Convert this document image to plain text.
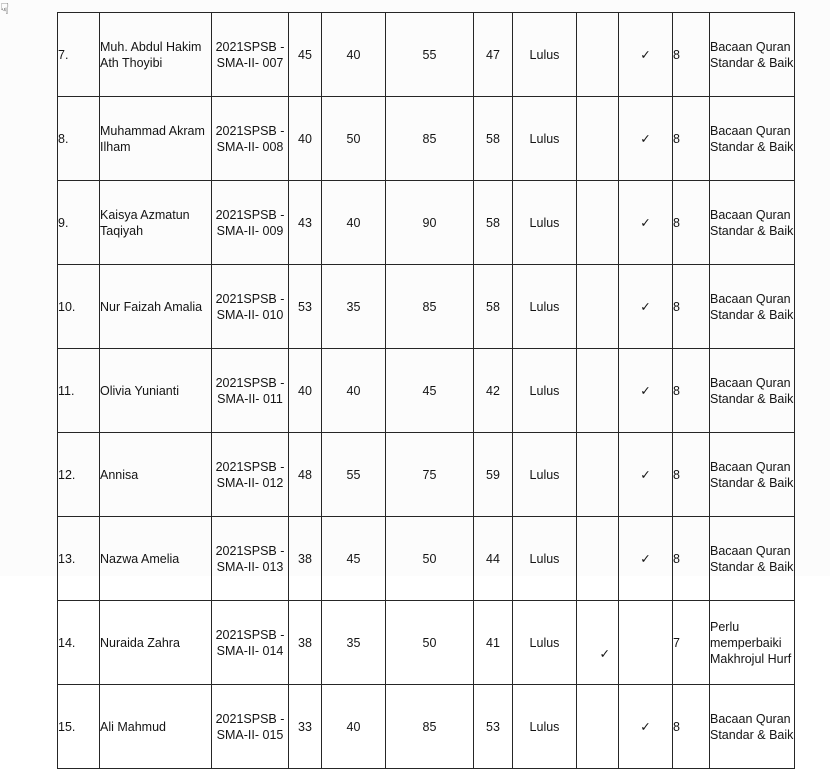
☟
7.	Muh. Abdul Hakim Ath Thoyibi	2021SPSB -SMA-II- 007	45	40	55	47	Lulus		✓	8	Bacaan Quran Standar & Baik
8.	Muhammad Akram Ilham	2021SPSB -SMA-II- 008	40	50	85	58	Lulus		✓	8	Bacaan Quran Standar & Baik
9.	Kaisya Azmatun Taqiyah	2021SPSB -SMA-II- 009	43	40	90	58	Lulus		✓	8	Bacaan Quran Standar & Baik
10.	Nur Faizah Amalia	2021SPSB -SMA-II- 010	53	35	85	58	Lulus		✓	8	Bacaan Quran Standar & Baik
11.	Olivia Yunianti	2021SPSB -SMA-II- 011	40	40	45	42	Lulus		✓	8	Bacaan Quran Standar & Baik
12.	Annisa	2021SPSB -SMA-II- 012	48	55	75	59	Lulus		✓	8	Bacaan Quran Standar & Baik
13.	Nazwa Amelia	2021SPSB -SMA-II- 013	38	45	50	44	Lulus		✓	8	Bacaan Quran Standar & Baik
14.	Nuraida Zahra	2021SPSB -SMA-II- 014	38	35	50	41	Lulus	✓		7	Perlu memperbaiki Makhrojul Hurf
15.	Ali Mahmud	2021SPSB -SMA-II- 015	33	40	85	53	Lulus		✓	8	Bacaan Quran Standar & Baik
